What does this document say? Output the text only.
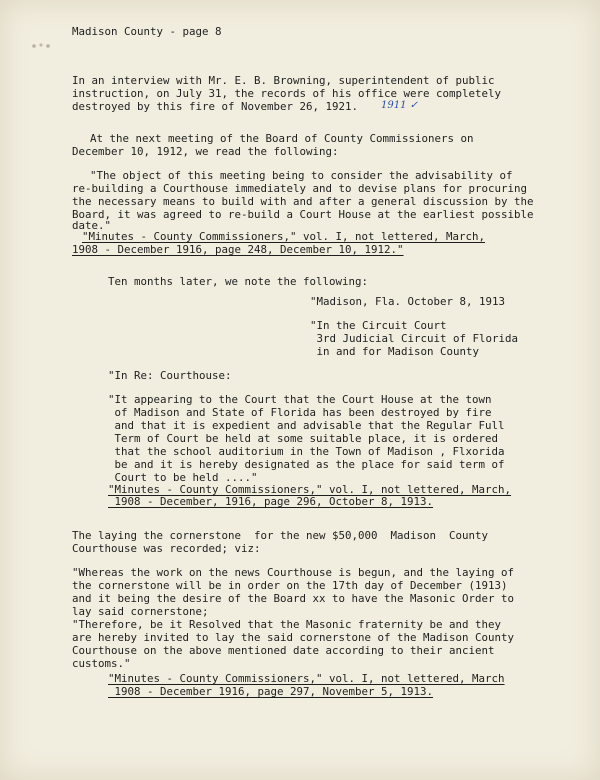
Madison County - page 8

In an interview with Mr. E. B. Browning, superintendent of public

instruction, on July 31, the records of his office were completely

destroyed by this fire of November 26, 1921.

At the next meeting of the Board of County Commissioners on

December 10, 1912, we read the following:

"The object of this meeting being to consider the advisability of

re-building a Courthouse immediately and to devise plans for procuring

the necessary means to build with and after a general discussion by the

Board, it was agreed to re-build a Court House at the earliest possible

date."

"Minutes - County Commissioners," vol. I, not lettered, March,

1908 - December 1916, page 248, December 10, 1912."

Ten months later, we note the following:

"Madison, Fla. October 8, 1913

"In the Circuit Court

3rd Judicial Circuit of Florida

in and for Madison County

"In Re: Courthouse:

"It appearing to the Court that the Court House at the town

of Madison and State of Florida has been destroyed by fire

and that it is expedient and advisable that the Regular Full

Term of Court be held at some suitable place, it is ordered

that the school auditorium in the Town of Madison , Flxorida

be and it is hereby designated as the place for said term of

Court to be held ...."

"Minutes - County Commissioners," vol. I, not lettered, March,

1908 - December, 1916, page 296, October 8, 1913.

The laying the cornerstone  for the new $50,000  Madison  County

Courthouse was recorded; viz:

"Whereas the work on the news Courthouse is begun, and the laying of

the cornerstone will be in order on the 17th day of December (1913)

and it being the desire of the Board xx to have the Masonic Order to

lay said cornerstone;

"Therefore, be it Resolved that the Masonic fraternity be and they

are hereby invited to lay the said cornerstone of the Madison County

Courthouse on the above mentioned date according to their ancient

customs."

"Minutes - County Commissioners," vol. I, not lettered, March

1908 - December 1916, page 297, November 5, 1913.

1911 ✓
